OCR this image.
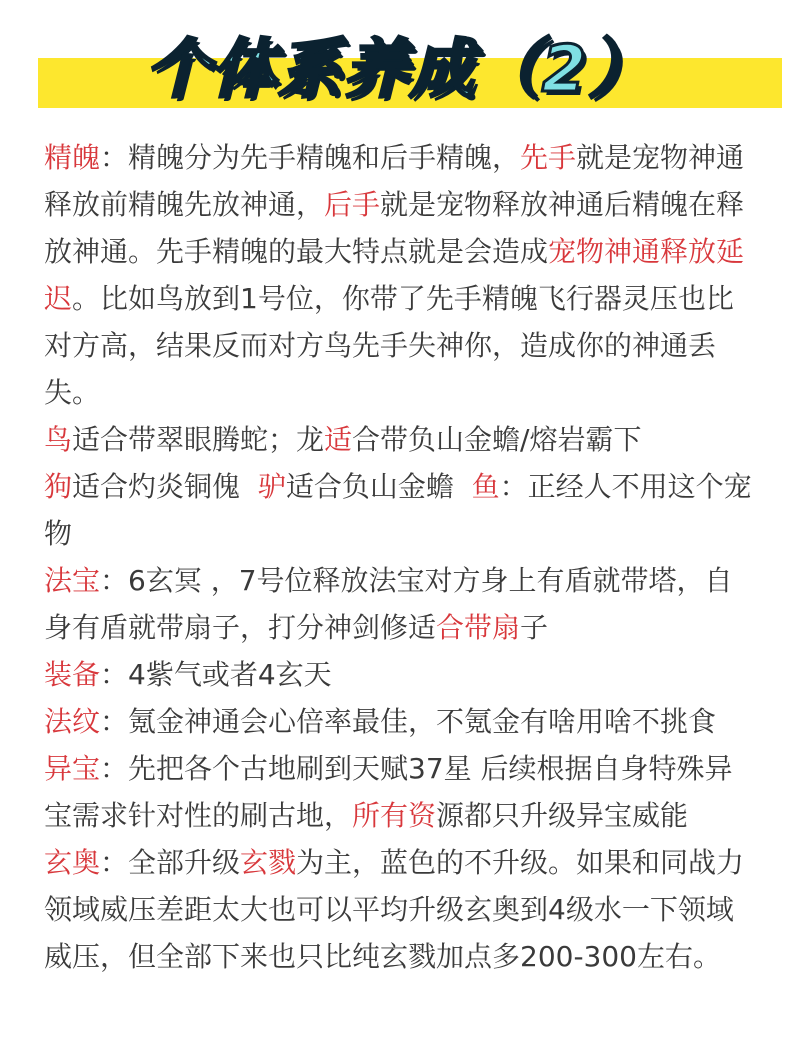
个体系养成（2）

精魄：精魄分为先手精魄和后手精魄，先手就是宠物神通释放前精魄先放神通，后手就是宠物释放神通后精魄在释放神通。先手精魄的最大特点就是会造成宠物神通释放延迟。比如鸟放到1号位，你带了先手精魄飞行器灵压也比对方高，结果反而对方鸟先手失神你，造成你的神通丢失。

鸟适合带翠眼腾蛇；龙适合带负山金蟾/熔岩霸下

狗适合灼炎铜傀  驴适合负山金蟾  鱼：正经人不用这个宠物

法宝：6玄冥 ，7号位释放法宝对方身上有盾就带塔，自身有盾就带扇子，打分神剑修适合带扇子

装备：4紫气或者4玄天

法纹：氪金神通会心倍率最佳，不氪金有啥用啥不挑食

异宝：先把各个古地刷到天赋37星 后续根据自身特殊异宝需求针对性的刷古地，所有资源都只升级异宝威能

玄奥：全部升级玄戮为主，蓝色的不升级。如果和同战力领域威压差距太大也可以平均升级玄奥到4级水一下领域威压，但全部下来也只比纯玄戮加点多200-300左右。
